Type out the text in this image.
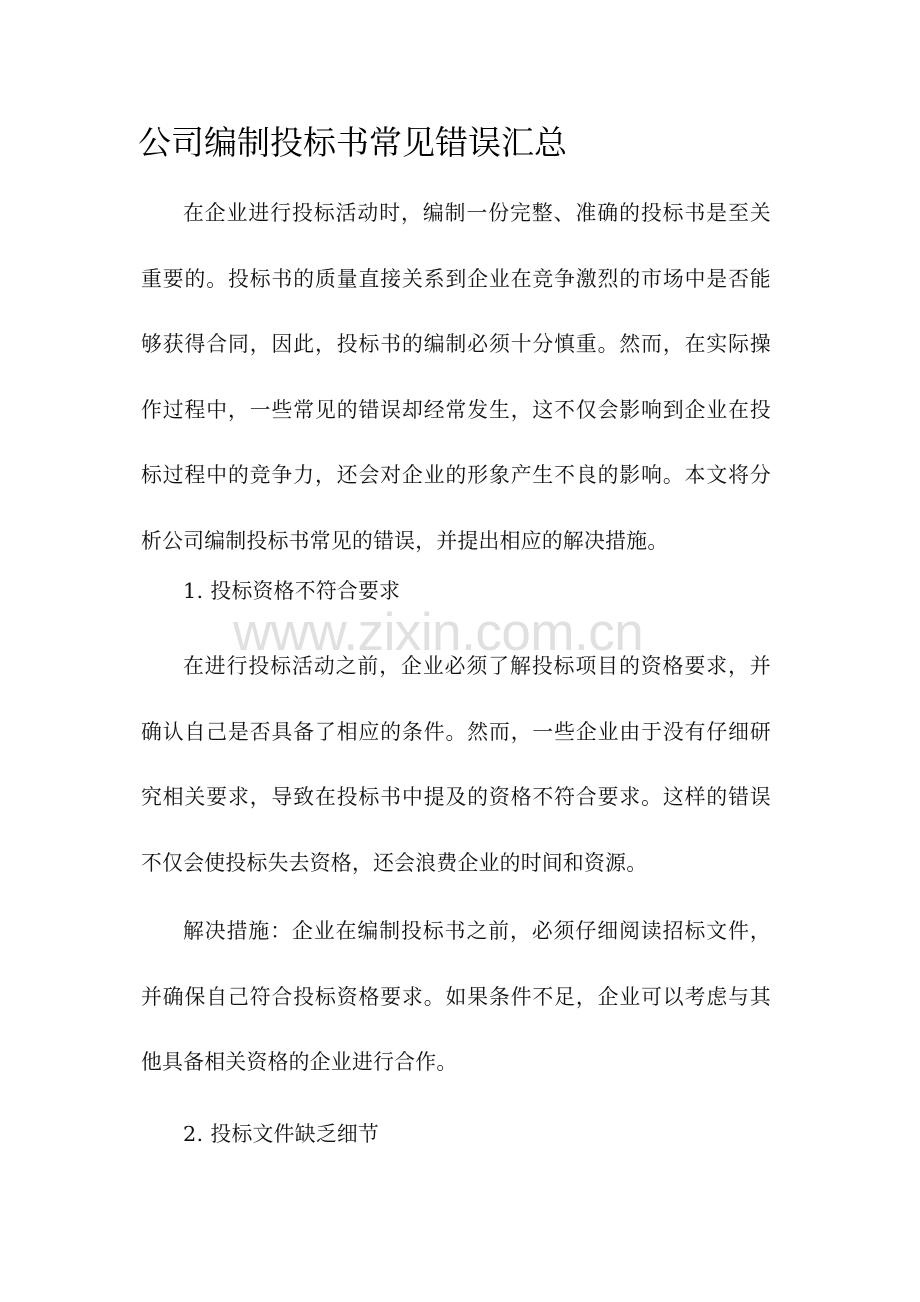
公司编制投标书常见错误汇总

在企业进行投标活动时，编制一份完整、准确的投标书是至关重要的。投标书的质量直接关系到企业在竞争激烈的市场中是否能够获得合同，因此，投标书的编制必须十分慎重。然而，在实际操作过程中，一些常见的错误却经常发生，这不仅会影响到企业在投标过程中的竞争力，还会对企业的形象产生不良的影响。本文将分析公司编制投标书常见的错误，并提出相应的解决措施。

1. 投标资格不符合要求

在进行投标活动之前，企业必须了解投标项目的资格要求，并确认自己是否具备了相应的条件。然而，一些企业由于没有仔细研究相关要求，导致在投标书中提及的资格不符合要求。这样的错误不仅会使投标失去资格，还会浪费企业的时间和资源。

解决措施：企业在编制投标书之前，必须仔细阅读招标文件，并确保自己符合投标资格要求。如果条件不足，企业可以考虑与其他具备相关资格的企业进行合作。

2. 投标文件缺乏细节

www.zixin.com.cn
